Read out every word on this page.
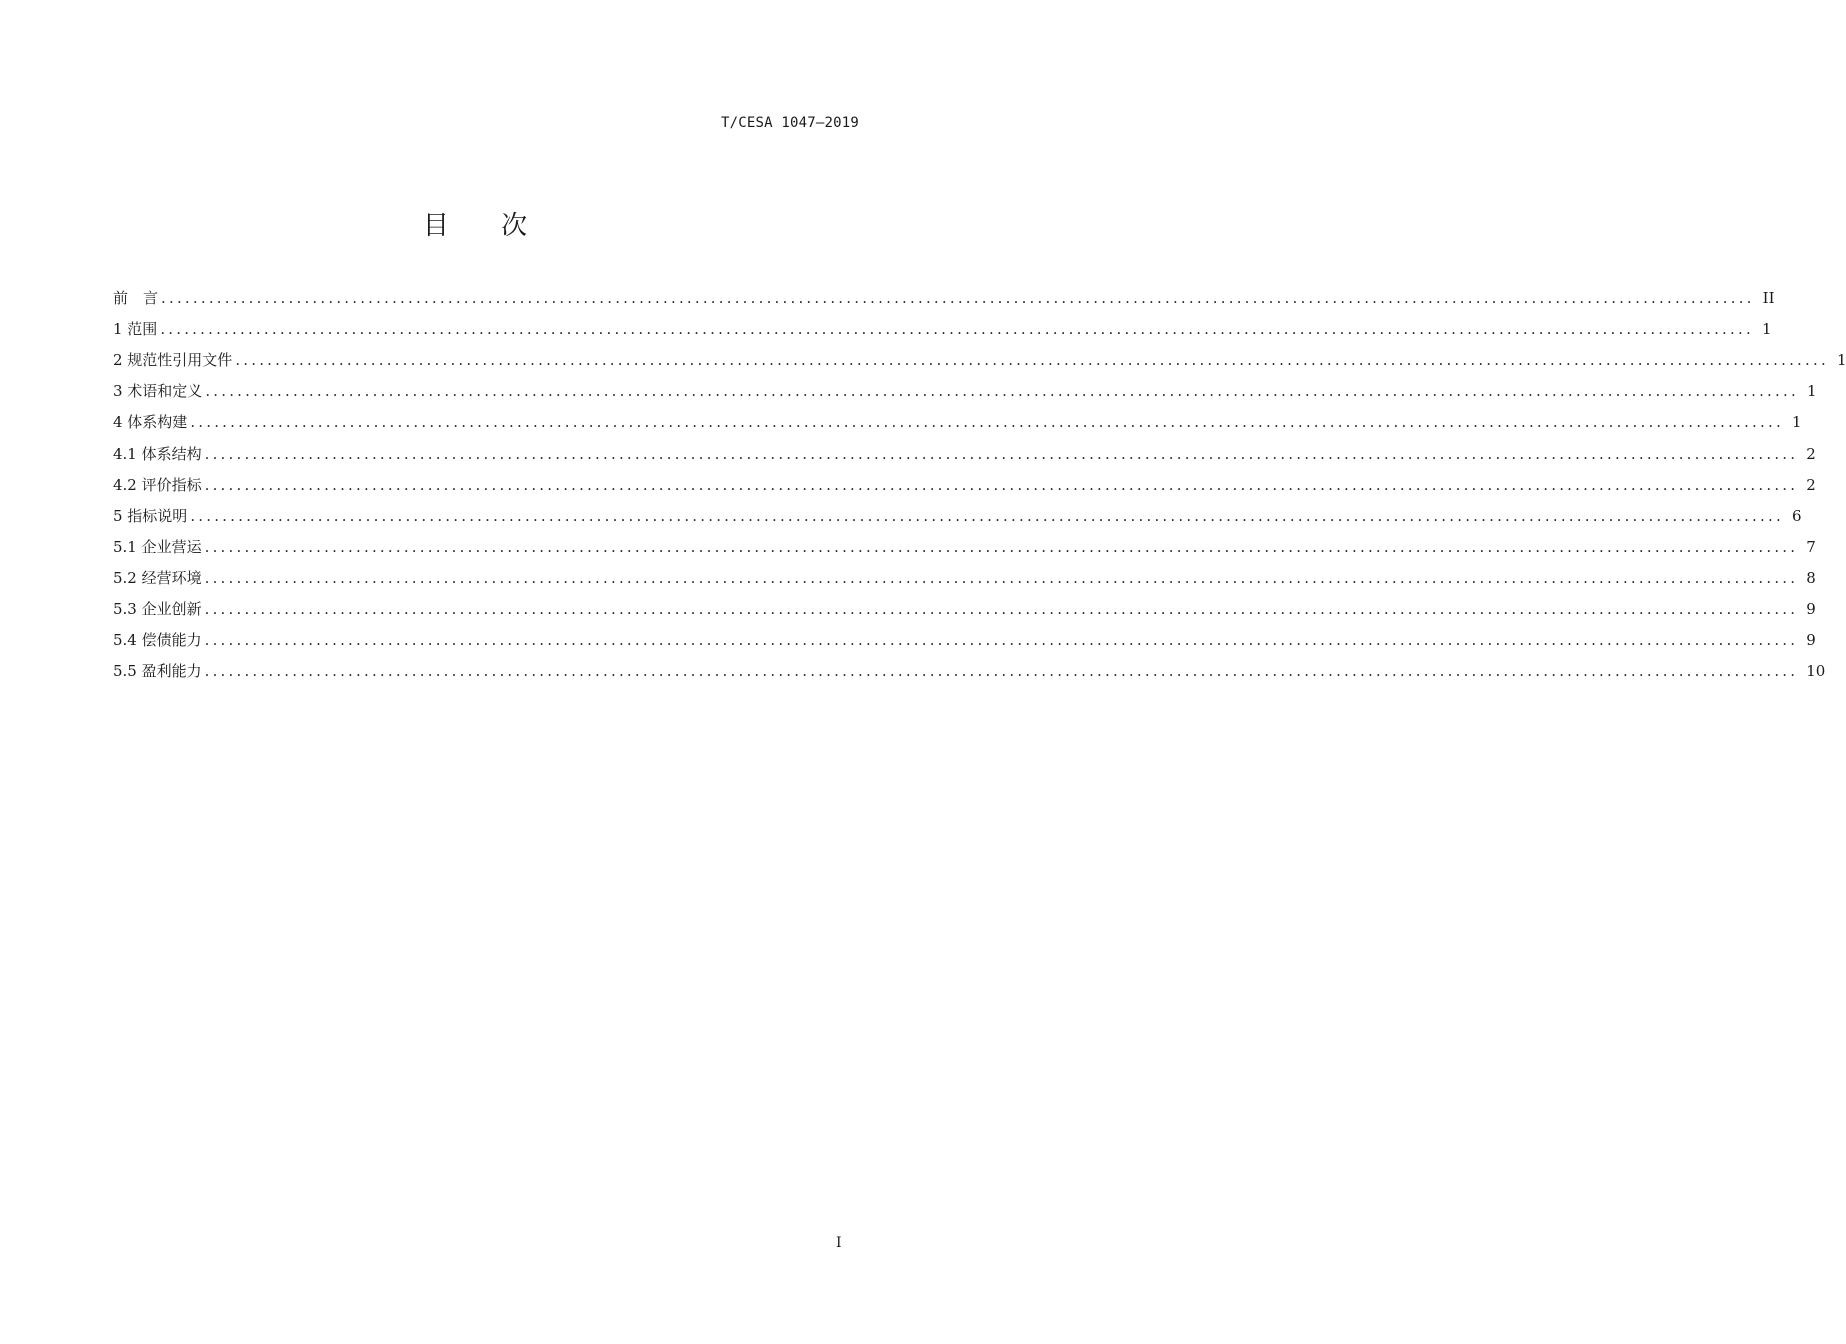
T/CESA 1047—2019
目 次
前　言 ........................................................................................................................................................................................................ II
1 范围 ........................................................................................................................................................................................................ 1
2 规范性引用文件 ........................................................................................................................................................................................................ 1
3 术语和定义 ........................................................................................................................................................................................................ 1
4 体系构建 ........................................................................................................................................................................................................ 1
4.1 体系结构 ........................................................................................................................................................................................................ 2
4.2 评价指标 ........................................................................................................................................................................................................ 2
5 指标说明 ........................................................................................................................................................................................................ 6
5.1 企业营运 ........................................................................................................................................................................................................ 7
5.2 经营环境 ........................................................................................................................................................................................................ 8
5.3 企业创新 ........................................................................................................................................................................................................ 9
5.4 偿债能力 ........................................................................................................................................................................................................ 9
5.5 盈利能力 ........................................................................................................................................................................................................ 10
I
